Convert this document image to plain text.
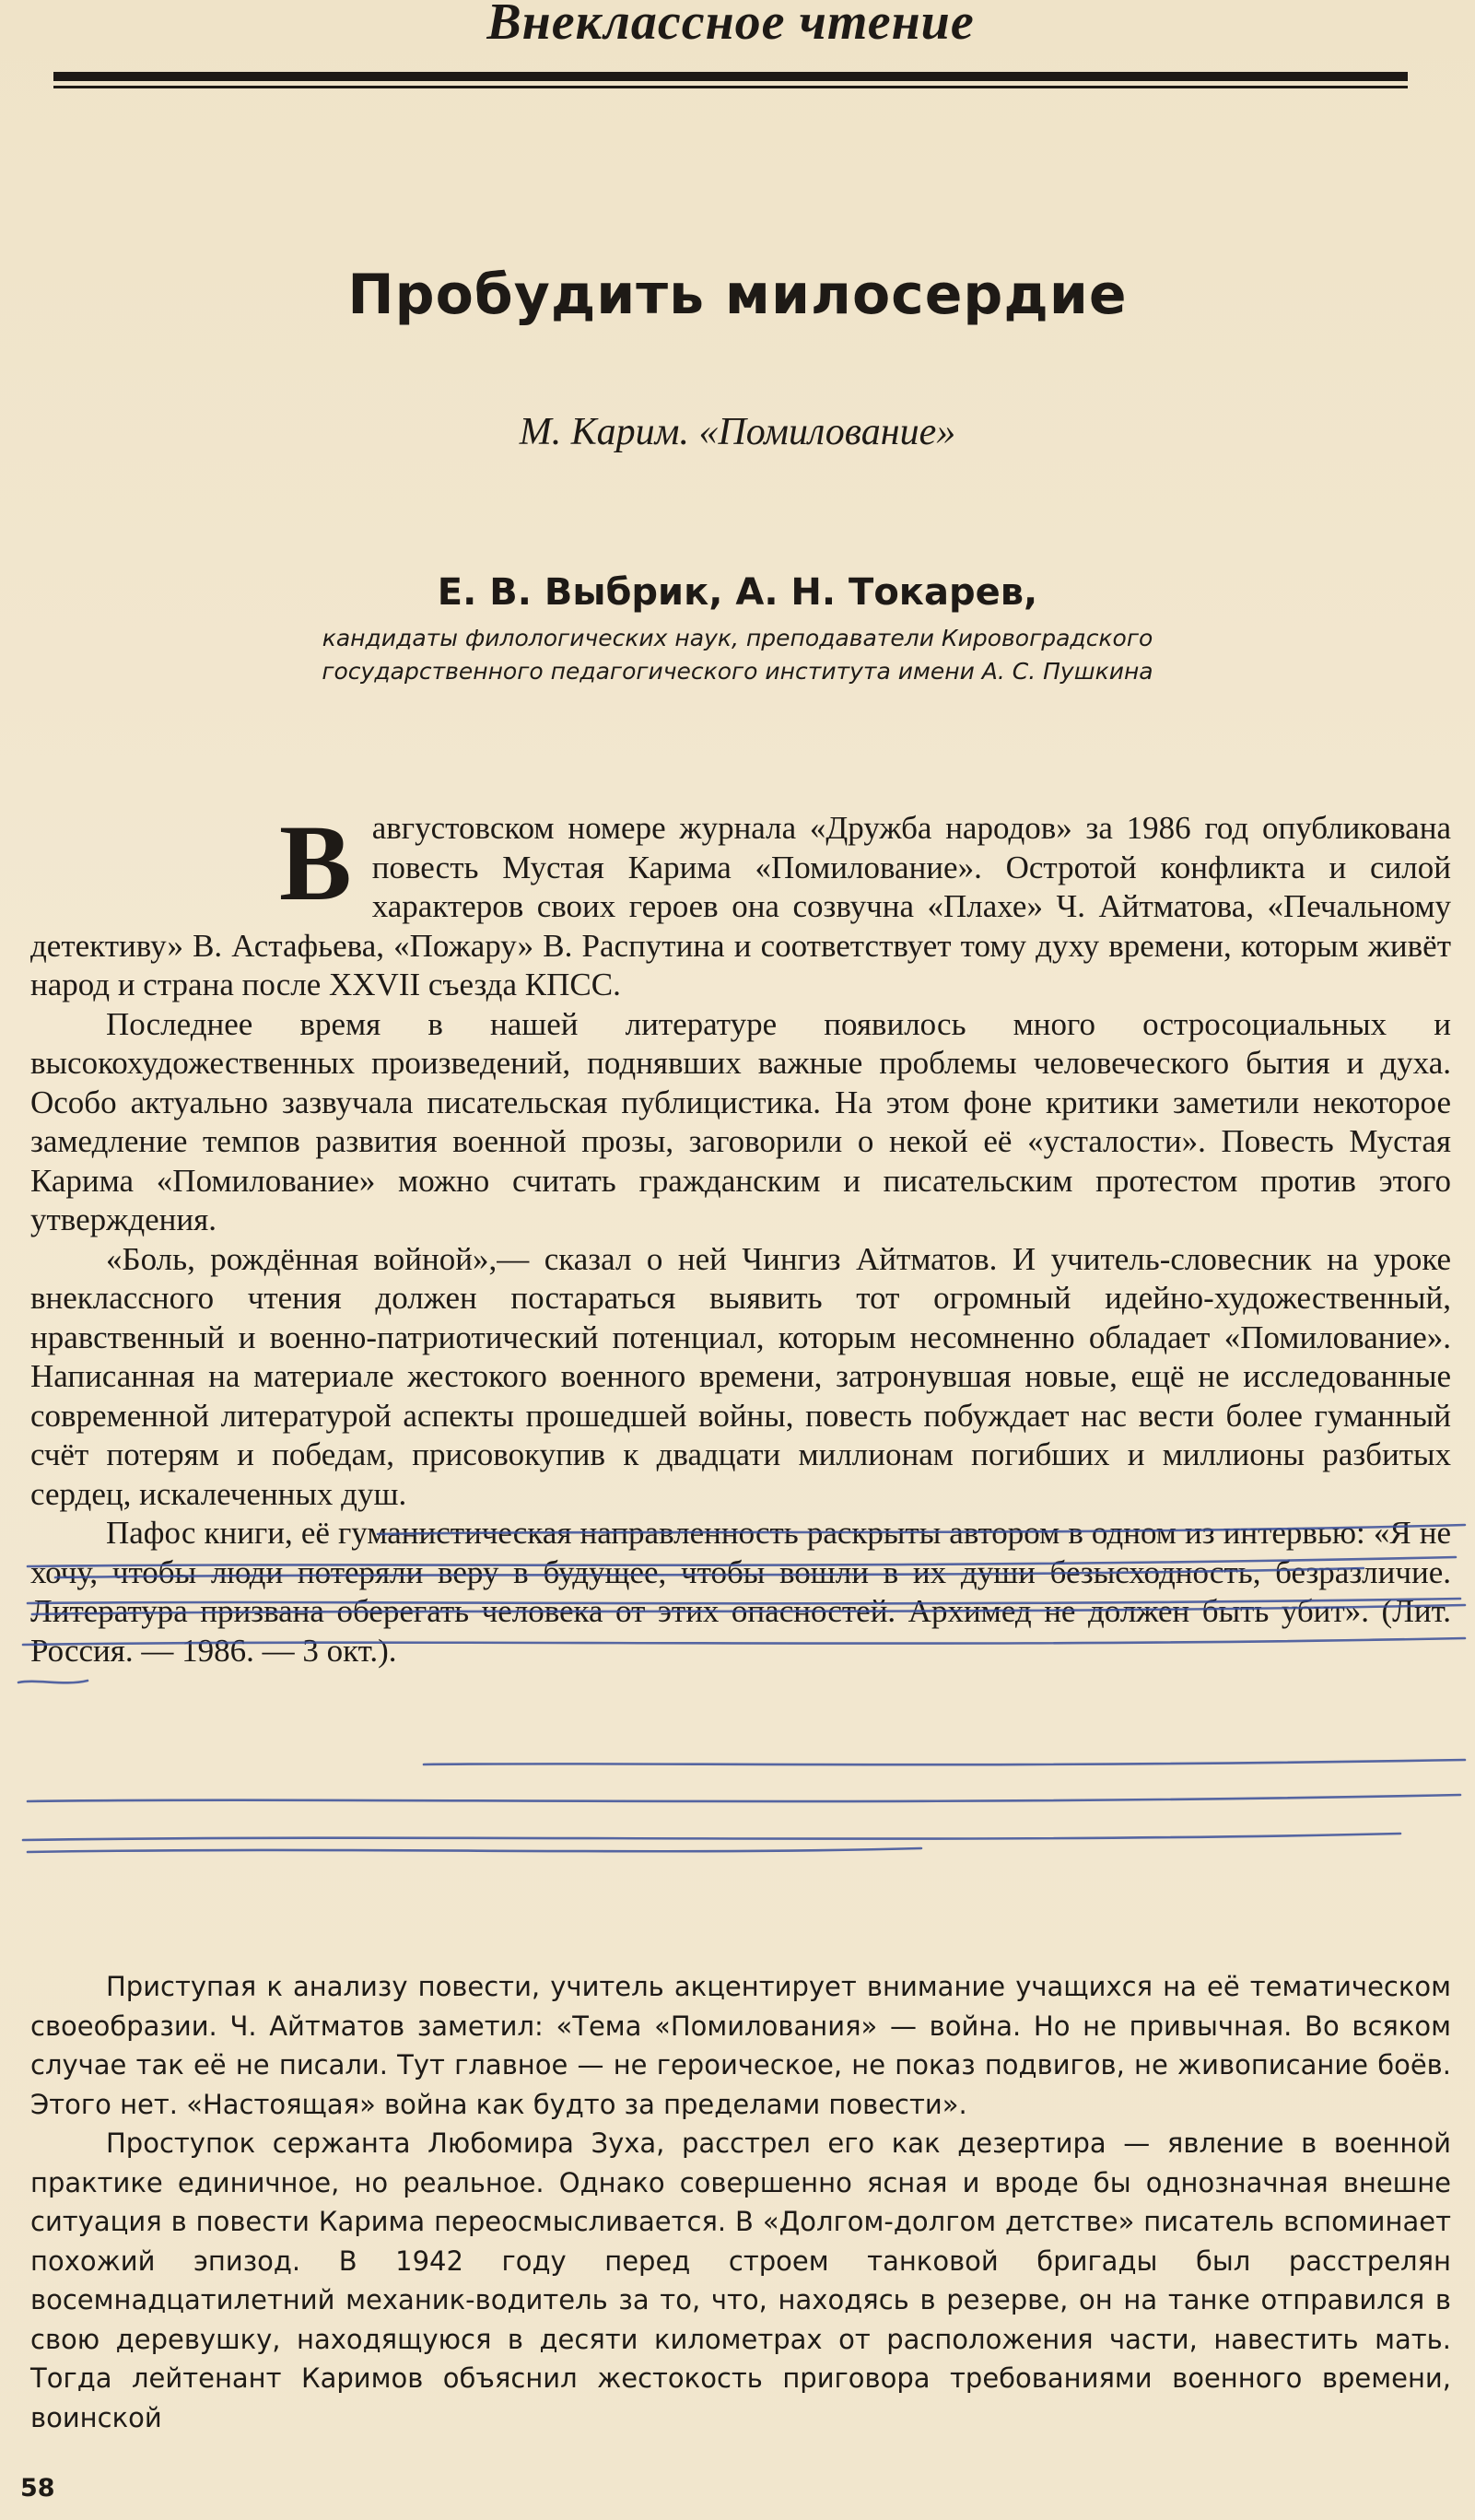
Внеклассное чтение
Пробудить милосердие
М. Карим. «Помилование»
Е. В. Выбрик, А. Н. Токарев,
кандидаты филологических наук, преподаватели Кировоградского
государственного педагогического института имени А. С. Пушкина

В августовском номере журнала «Дружба народов» за 1986 год опубликована повесть Мустая Карима «Помилование». Остротой конфликта и силой характеров своих героев она созвучна «Плахе» Ч. Айтматова, «Печальному детективу» В. Астафьева, «Пожару» В. Распутина и соответствует тому духу времени, которым живёт народ и страна после XXVII съезда КПСС.

Последнее время в нашей литературе появилось много остросоциальных и высокохудожественных произведений, поднявших важные проблемы человеческого бытия и духа. Особо актуально зазвучала писательская публицистика. На этом фоне критики заметили некоторое замедление темпов развития военной прозы, заговорили о некой её «усталости». Повесть Мустая Карима «Помилование» можно считать гражданским и писательским протестом против этого утверждения.

«Боль, рождённая войной»,— сказал о ней Чингиз Айтматов. И учитель-словесник на уроке внеклассного чтения должен постараться выявить тот огромный идейно-художественный, нравственный и военно-патриотический потенциал, которым несомненно обладает «Помилование». Написанная на материале жестокого военного времени, затронувшая новые, ещё не исследованные современной литературой аспекты прошедшей войны, повесть побуждает нас вести более гуманный счёт потерям и победам, присовокупив к двадцати миллионам погибших и миллионы разбитых сердец, искалеченных душ.

Пафос книги, её гуманистическая направленность раскрыты автором в одном из интервью: «Я не хочу, чтобы люди потеряли веру в будущее, чтобы вошли в их души безысходность, безразличие. Литература призвана оберегать человека от этих опасностей. Архимед не должен быть убит». (Лит. Россия. — 1986. — 3 окт.).

Приступая к анализу повести, учитель акцентирует внимание учащихся на её тематическом своеобразии. Ч. Айтматов заметил: «Тема «Помилования» — война. Но не привычная. Во всяком случае так её не писали. Тут главное — не героическое, не показ подвигов, не живописание боёв. Этого нет. «Настоящая» война как будто за пределами повести».

Проступок сержанта Любомира Зуха, расстрел его как дезертира — явление в военной практике единичное, но реальное. Однако совершенно ясная и вроде бы однозначная внешне ситуация в повести Карима переосмысливается. В «Долгом-долгом детстве» писатель вспоминает похожий эпизод. В 1942 году перед строем танковой бригады был расстрелян восемнадцатилетний механик-водитель за то, что, находясь в резерве, он на танке отправился в свою деревушку, находящуюся в десяти километрах от расположения части, навестить мать. Тогда лейтенант Каримов объяснил жестокость приговора требованиями военного времени, воинской

58
